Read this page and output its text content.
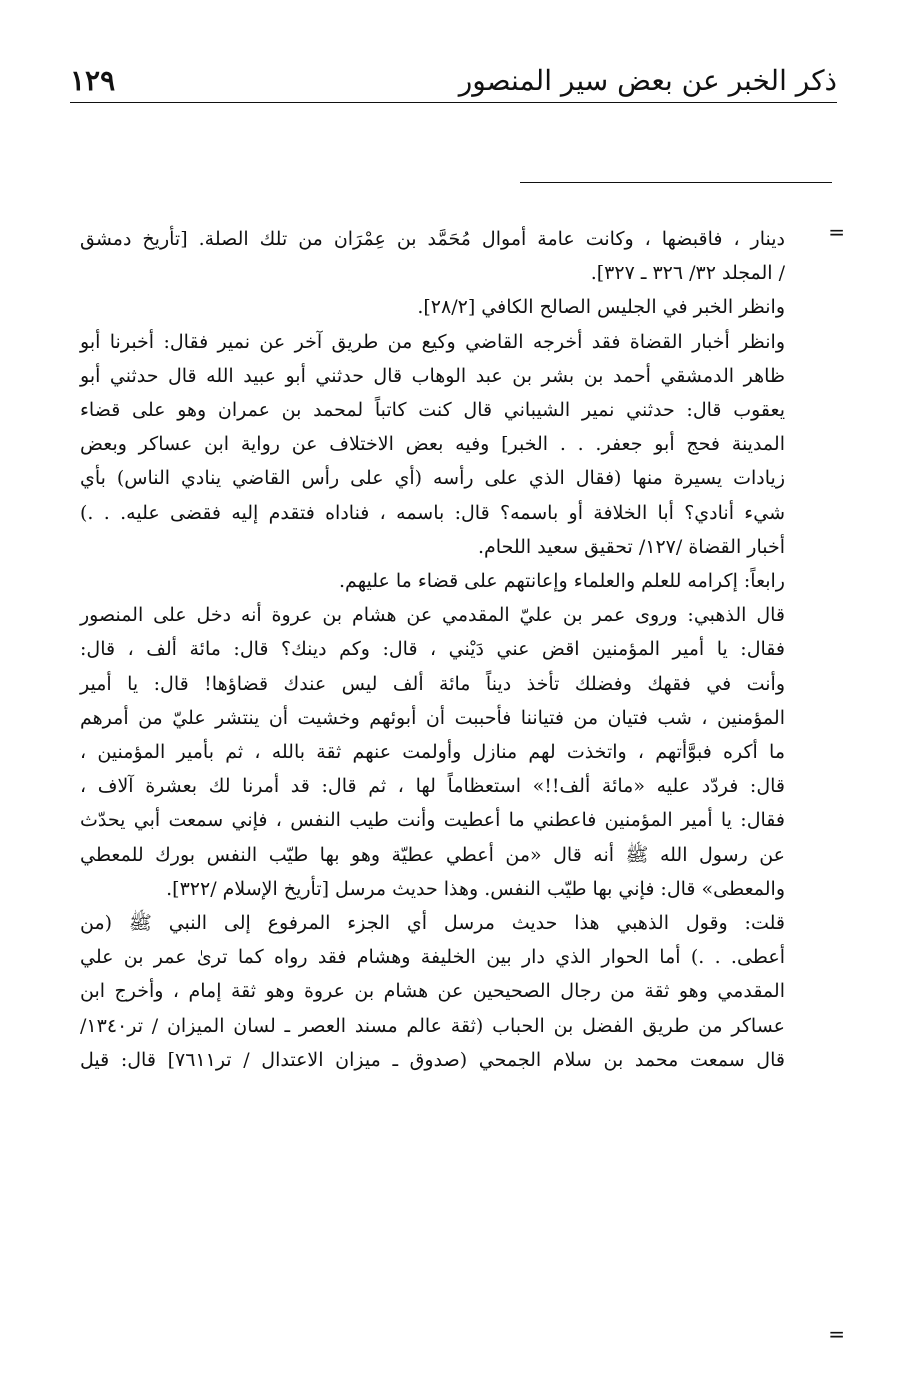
ذكر الخبر عن بعض سير المنصور
١٢٩
=
=
دينار ، فاقبضها ، وكانت عامة أموال مُحَمَّد بن عِمْرَان من تلك الصلة. [تأريخ دمشق
/ المجلد ٣٢/ ٣٢٦ ـ ٣٢٧].
وانظر الخبر في الجليس الصالح الكافي [٢٨/٢].
وانظر أخبار القضاة فقد أخرجه القاضي وكيع من طريق آخر عن نمير فقال: أخبرنا أبو
ظاهر الدمشقي أحمد بن بشر بن عبد الوهاب قال حدثني أبو عبيد الله قال حدثني أبو
يعقوب قال: حدثني نمير الشيباني قال كنت كاتباً لمحمد بن عمران وهو على قضاء
المدينة فحج أبو جعفر. . . الخبر] وفيه بعض الاختلاف عن رواية ابن عساكر وبعض
زيادات يسيرة منها (فقال الذي على رأسه (أي على رأس القاضي ينادي الناس) بأي
شيء أنادي؟ أبا الخلافة أو باسمه؟ قال: باسمه ، فناداه فتقدم إليه فقضى عليه. . .)
أخبار القضاة /١٢٧/ تحقيق سعيد اللحام.
رابعاً: إكرامه للعلم والعلماء وإعانتهم على قضاء ما عليهم.
قال الذهبي: وروى عمر بن عليّ المقدمي عن هشام بن عروة أنه دخل على المنصور
فقال: يا أمير المؤمنين اقض عني دَيْني ، قال: وكم دينك؟ قال: مائة ألف ، قال:
وأنت في فقهك وفضلك تأخذ ديناً مائة ألف ليس عندك قضاؤها! قال: يا أمير
المؤمنين ، شب فتيان من فتياننا فأحببت أن أبوئهم وخشيت أن ينتشر عليّ من أمرهم
ما أكره فبوَّأتهم ، واتخذت لهم منازل وأولمت عنهم ثقة بالله ، ثم بأمير المؤمنين ،
قال: فردّد عليه «مائة ألف!!» استعظاماً لها ، ثم قال: قد أمرنا لك بعشرة آلاف ،
فقال: يا أمير المؤمنين فاعطني ما أعطيت وأنت طيب النفس ، فإني سمعت أبي يحدّث
عن رسول الله ﷺ أنه قال «من أعطي عطيّة وهو بها طيّب النفس بورك للمعطي
والمعطى» قال: فإني بها طيّب النفس. وهذا حديث مرسل [تأريخ الإسلام /٣٢٢].
قلت: وقول الذهبي هذا حديث مرسل أي الجزء المرفوع إلى النبي ﷺ (من
أعطى. . .) أما الحوار الذي دار بين الخليفة وهشام فقد رواه كما ترىٰ عمر بن علي
المقدمي وهو ثقة من رجال الصحيحين عن هشام بن عروة وهو ثقة إمام ، وأخرج ابن
عساكر من طريق الفضل بن الحباب (ثقة عالم مسند العصر ـ لسان الميزان / تر١٣٤٠/
قال سمعت محمد بن سلام الجمحي (صدوق ـ ميزان الاعتدال / تر٧٦١١] قال: قيل
